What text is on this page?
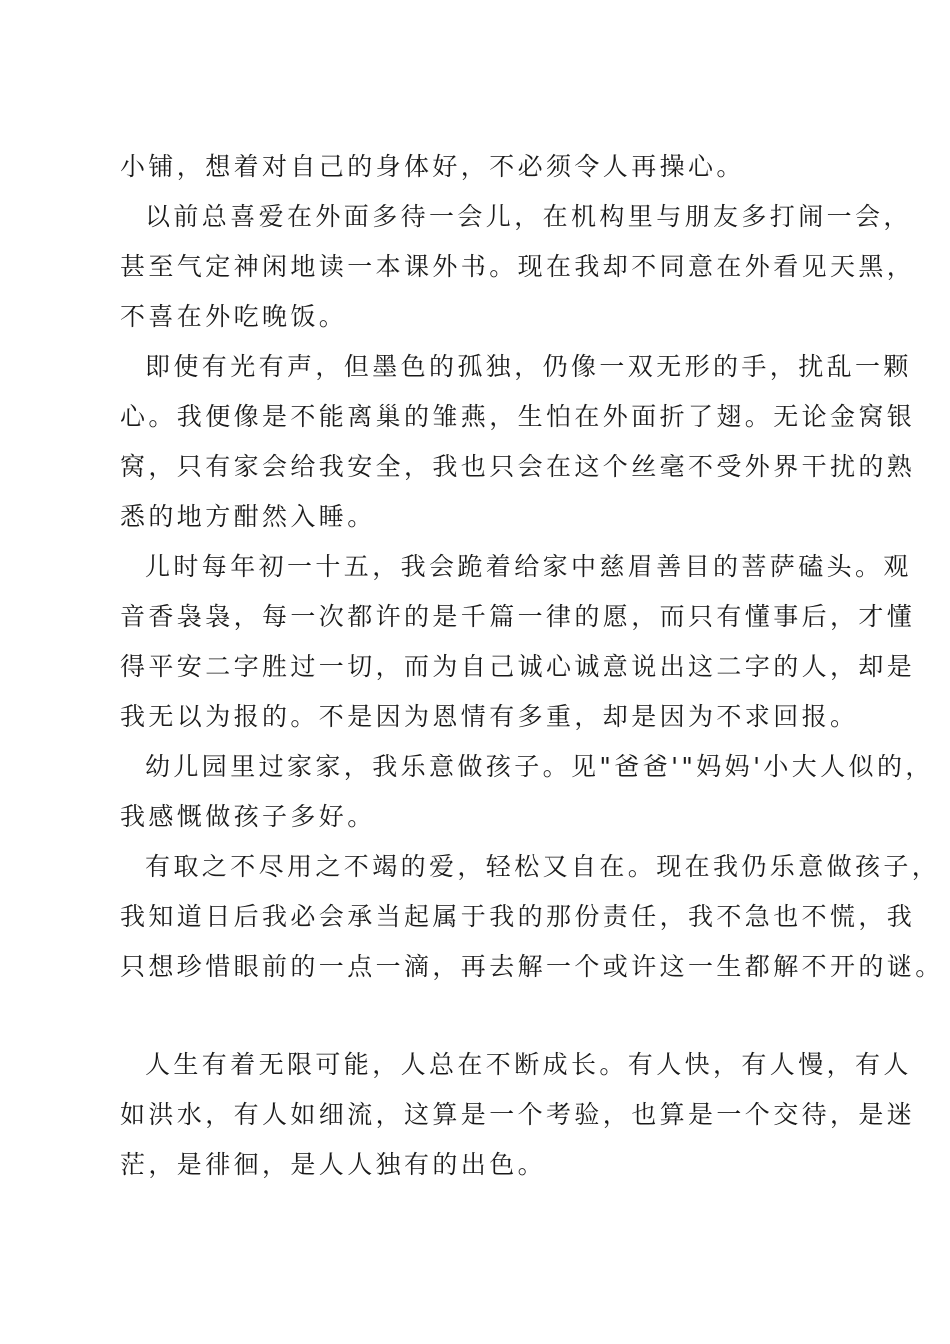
小铺，想着对自己的身体好，不必须令人再操心。
以前总喜爱在外面多待一会儿，在机构里与朋友多打闹一会，
甚至气定神闲地读一本课外书。现在我却不同意在外看见天黑，
不喜在外吃晚饭。
即使有光有声，但墨色的孤独，仍像一双无形的手，扰乱一颗
心。我便像是不能离巢的雏燕，生怕在外面折了翅。无论金窝银
窝，只有家会给我安全，我也只会在这个丝毫不受外界干扰的熟
悉的地方酣然入睡。
儿时每年初一十五，我会跪着给家中慈眉善目的菩萨磕头。观
音香袅袅，每一次都许的是千篇一律的愿，而只有懂事后，才懂
得平安二字胜过一切，而为自己诚心诚意说出这二字的人，却是
我无以为报的。不是因为恩情有多重，却是因为不求回报。
幼儿园里过家家，我乐意做孩子。见"爸爸'"妈妈'小大人似的，
我感慨做孩子多好。
有取之不尽用之不竭的爱，轻松又自在。现在我仍乐意做孩子，
我知道日后我必会承当起属于我的那份责任，我不急也不慌，我
只想珍惜眼前的一点一滴，再去解一个或许这一生都解不开的谜。
人生有着无限可能，人总在不断成长。有人快，有人慢，有人
如洪水，有人如细流，这算是一个考验，也算是一个交待，是迷
茫，是徘徊，是人人独有的出色。
